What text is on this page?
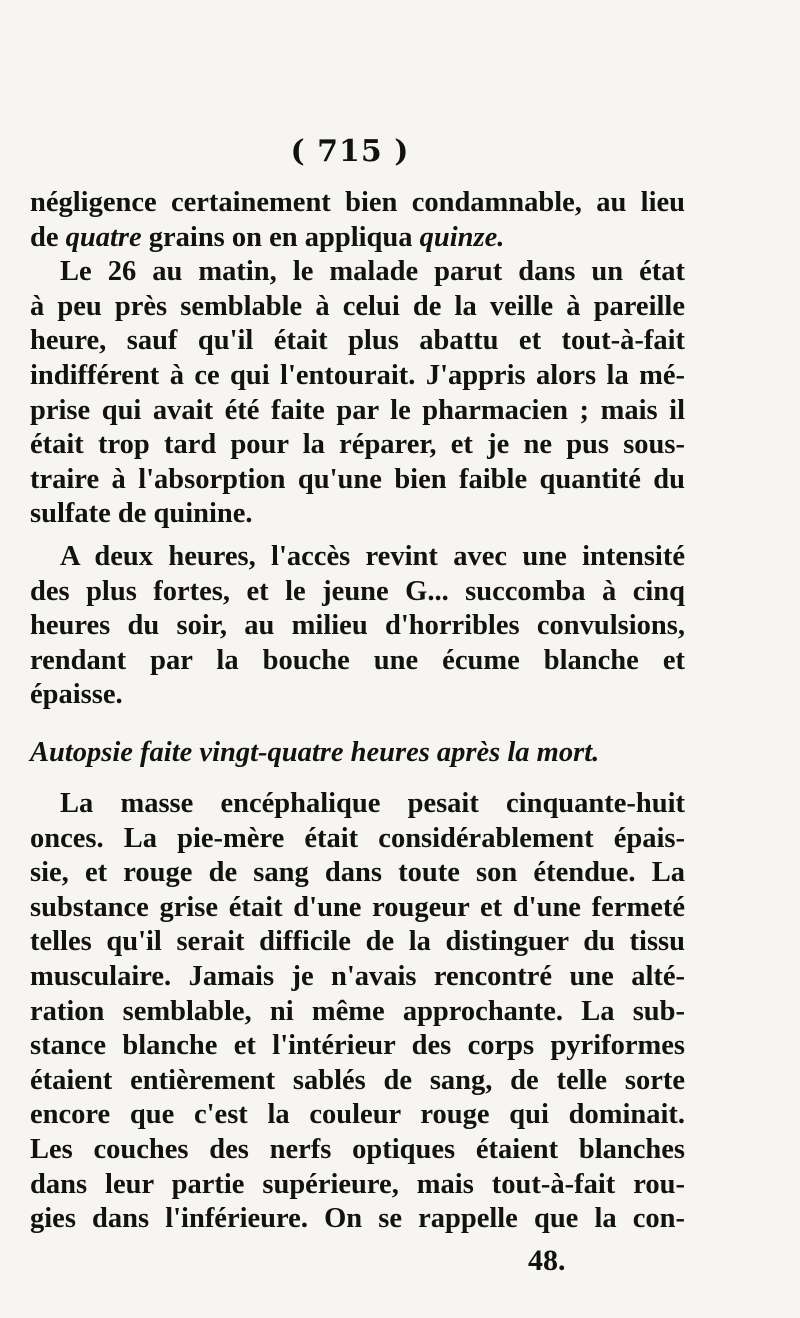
( 715 )
négligence certainement bien condamnable, au lieu
de quatre grains on en appliqua quinze.
Le 26 au matin, le malade parut dans un état
à peu près semblable à celui de la veille à pareille
heure, sauf qu'il était plus abattu et tout-à-fait
indifférent à ce qui l'entourait. J'appris alors la mé-
prise qui avait été faite par le pharmacien ; mais il
était trop tard pour la réparer, et je ne pus sous-
traire à l'absorption qu'une bien faible quantité du
sulfate de quinine.
A deux heures, l'accès revint avec une intensité
des plus fortes, et le jeune G... succomba à cinq
heures du soir, au milieu d'horribles convulsions,
rendant par la bouche une écume blanche et
épaisse.
Autopsie faite vingt-quatre heures après la mort.
La masse encéphalique pesait cinquante-huit
onces. La pie-mère était considérablement épais-
sie, et rouge de sang dans toute son étendue. La
substance grise était d'une rougeur et d'une fermeté
telles qu'il serait difficile de la distinguer du tissu
musculaire. Jamais je n'avais rencontré une alté-
ration semblable, ni même approchante. La sub-
stance blanche et l'intérieur des corps pyriformes
étaient entièrement sablés de sang, de telle sorte
encore que c'est la couleur rouge qui dominait.
Les couches des nerfs optiques étaient blanches
dans leur partie supérieure, mais tout-à-fait rou-
gies dans l'inférieure. On se rappelle que la con-
48.
